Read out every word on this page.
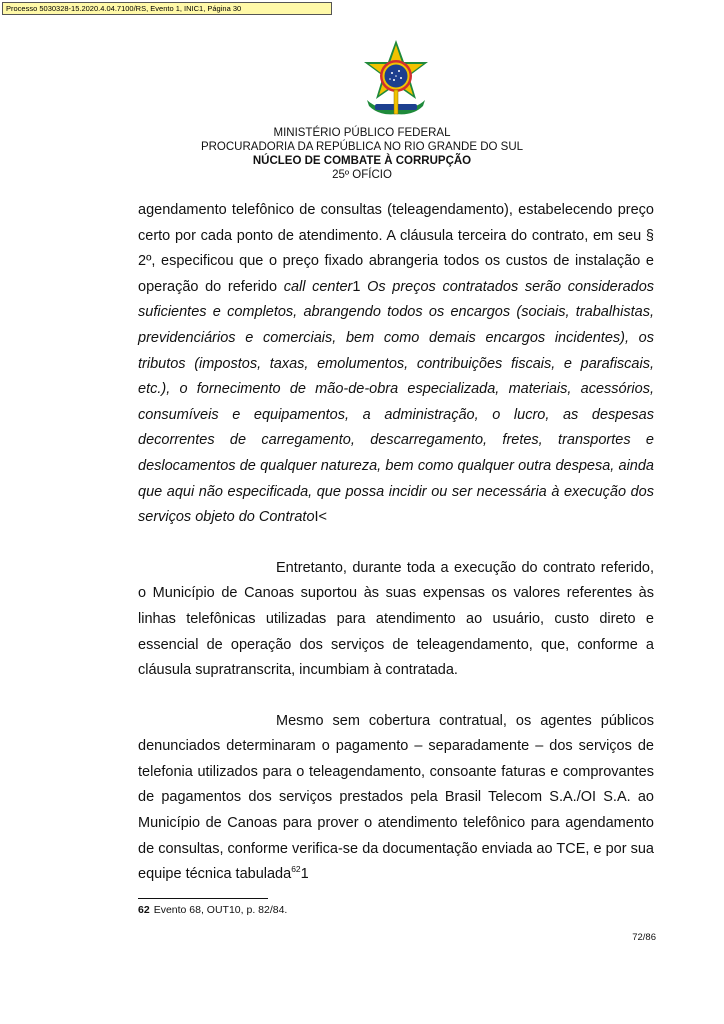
Processo 5030328-15.2020.4.04.7100/RS, Evento 1, INIC1, Página 30
MINISTÉRIO PÚBLICO FEDERAL
PROCURADORIA DA REPÚBLICA NO RIO GRANDE DO SUL
NÚCLEO DE COMBATE À CORRUPÇÃO
25º OFÍCIO

agendamento telefônico de consultas (teleagendamento), estabelecendo preço certo por cada ponto de atendimento. A cláusula terceira do contrato, em seu § 2º, especificou que o preço fixado abrangeria todos os custos de instalação e operação do referido call center1 Os preços contratados serão considerados suficientes e completos, abrangendo todos os encargos (sociais, trabalhistas, previdenciários e comerciais, bem como demais encargos incidentes), os tributos (impostos, taxas, emolumentos, contribuições fiscais, e parafiscais, etc.), o fornecimento de mão-de-obra especializada, materiais, acessórios, consumíveis e equipamentos, a administração, o lucro, as despesas decorrentes de carregamento, descarregamento, fretes, transportes e deslocamentos de qualquer natureza, bem como qualquer outra despesa, ainda que aqui não especificada, que possa incidir ou ser necessária à execução dos serviços objeto do ContratoI<

Entretanto, durante toda a execução do contrato referido, o Município de Canoas suportou às suas expensas os valores referentes às linhas telefônicas utilizadas para atendimento ao usuário, custo direto e essencial de operação dos serviços de teleagendamento, que, conforme a cláusula supratranscrita, incumbiam à contratada.

Mesmo sem cobertura contratual, os agentes públicos denunciados determinaram o pagamento – separadamente – dos serviços de telefonia utilizados para o teleagendamento, consoante faturas e comprovantes de pagamentos dos serviços prestados pela Brasil Telecom S.A./OI S.A. ao Município de Canoas para prover o atendimento telefônico para agendamento de consultas, conforme verifica-se da documentação enviada ao TCE, e por sua equipe técnica tabulada$^{62}$1

62 Evento 68, OUT10, p. 82/84.
72/86
